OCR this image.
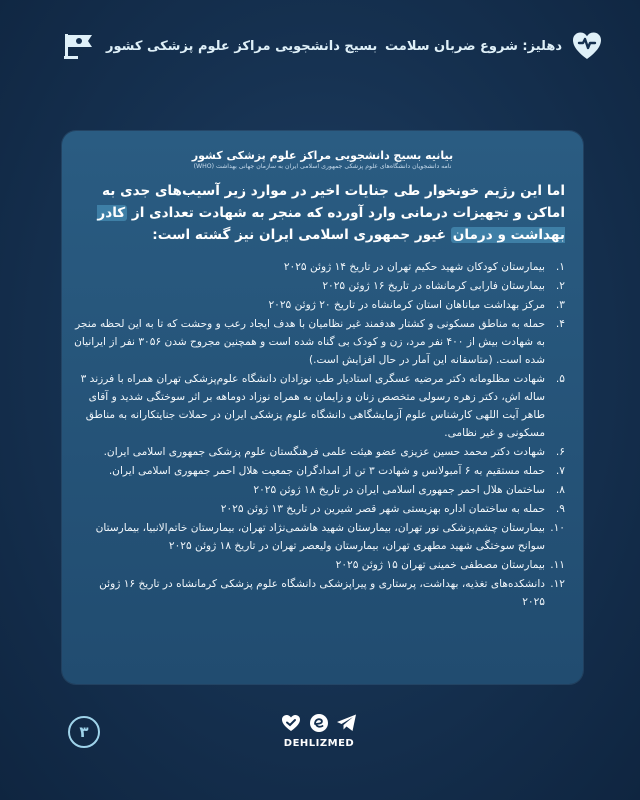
دهلیز: شروع ضربان سلامت
بسیج دانشجویی مراکز علوم پزشکی کشور
بیانیه بسیج دانشجویی مراکز علوم پزشکی کشور
نامه دانشجویان دانشگاه‌های علوم پزشکی جمهوری اسلامی ایران به سازمان جهانی بهداشت (WHO)
اما این رژیم خونخوار طی جنایات اخیر در موارد زیر آسیب‌های جدی به اماکن و تجهیزات درمانی وارد آورده که منجر به شهادت تعدادی از کادر بهداشت و درمان غیور جمهوری اسلامی ایران نیز گشته است:
۱.
بیمارستان کودکان شهید حکیم تهران در تاریخ ۱۴ ژوئن ۲۰۲۵
۲.
بیمارستان فارابی کرمانشاه در تاریخ ۱۶ ژوئن ۲۰۲۵
۳.
مرکز بهداشت میاناهان استان کرمانشاه در تاریخ ۲۰ ژوئن ۲۰۲۵
۴.
حمله به مناطق مسکونی و کشتار هدفمند غیر نظامیان با هدف ایجاد رعب و وحشت که تا به این لحظه منجر به شهادت بیش از ۴۰۰ نفر مرد، زن و کودک بی گناه شده است و همچنین مجروح شدن ۳۰۵۶ نفر از ایرانیان شده است. (متاسفانه این آمار در حال افزایش است.)
۵.
شهادت مظلومانه دکتر مرضیه عسگری استادیار طب نوزادان دانشگاه علوم‌پزشکی تهران همراه با فرزند ۳ ساله اش، دکتر زهره رسولی متخصص زنان و زایمان به همراه نوزاد دوماهه بر اثر سوختگی شدید و آقای طاهر آیت اللهی کارشناس علوم آزمایشگاهی دانشگاه علوم پزشکی ایران در حملات جنایتکارانه به مناطق مسکونی و غیر نظامی.
۶.
شهادت دکتر محمد حسین عزیزی عضو هیئت علمی فرهنگستان علوم پزشکی جمهوری اسلامی ایران.
۷.
حمله مستقیم به ۶ آمبولانس و شهادت ۳ تن از امدادگران جمعیت هلال احمر جمهوری اسلامی ایران.
۸.
ساختمان هلال احمر جمهوری اسلامی ایران در تاریخ ۱۸ ژوئن ۲۰۲۵
۹.
حمله به ساختمان اداره بهزیستی شهر قصر شیرین در تاریخ ۱۳ ژوئن ۲۰۲۵
۱۰.
بیمارستان چشم‌پزشکی نور تهران، بیمارستان شهید هاشمی‌نژاد تهران، بیمارستان خاتم‌الانبیا، بیمارستان سوانح سوختگی شهید مطهری تهران، بیمارستان ولیعصر تهران در تاریخ ۱۸ ژوئن ۲۰۲۵
۱۱.
بیمارستان مصطفی خمینی تهران ۱۵ ژوئن ۲۰۲۵
۱۲.
دانشکده‌های تغذیه، بهداشت، پرستاری و پیراپزشکی دانشگاه علوم پزشکی کرمانشاه در تاریخ ۱۶ ژوئن ۲۰۲۵
۳
DEHLIZMED
